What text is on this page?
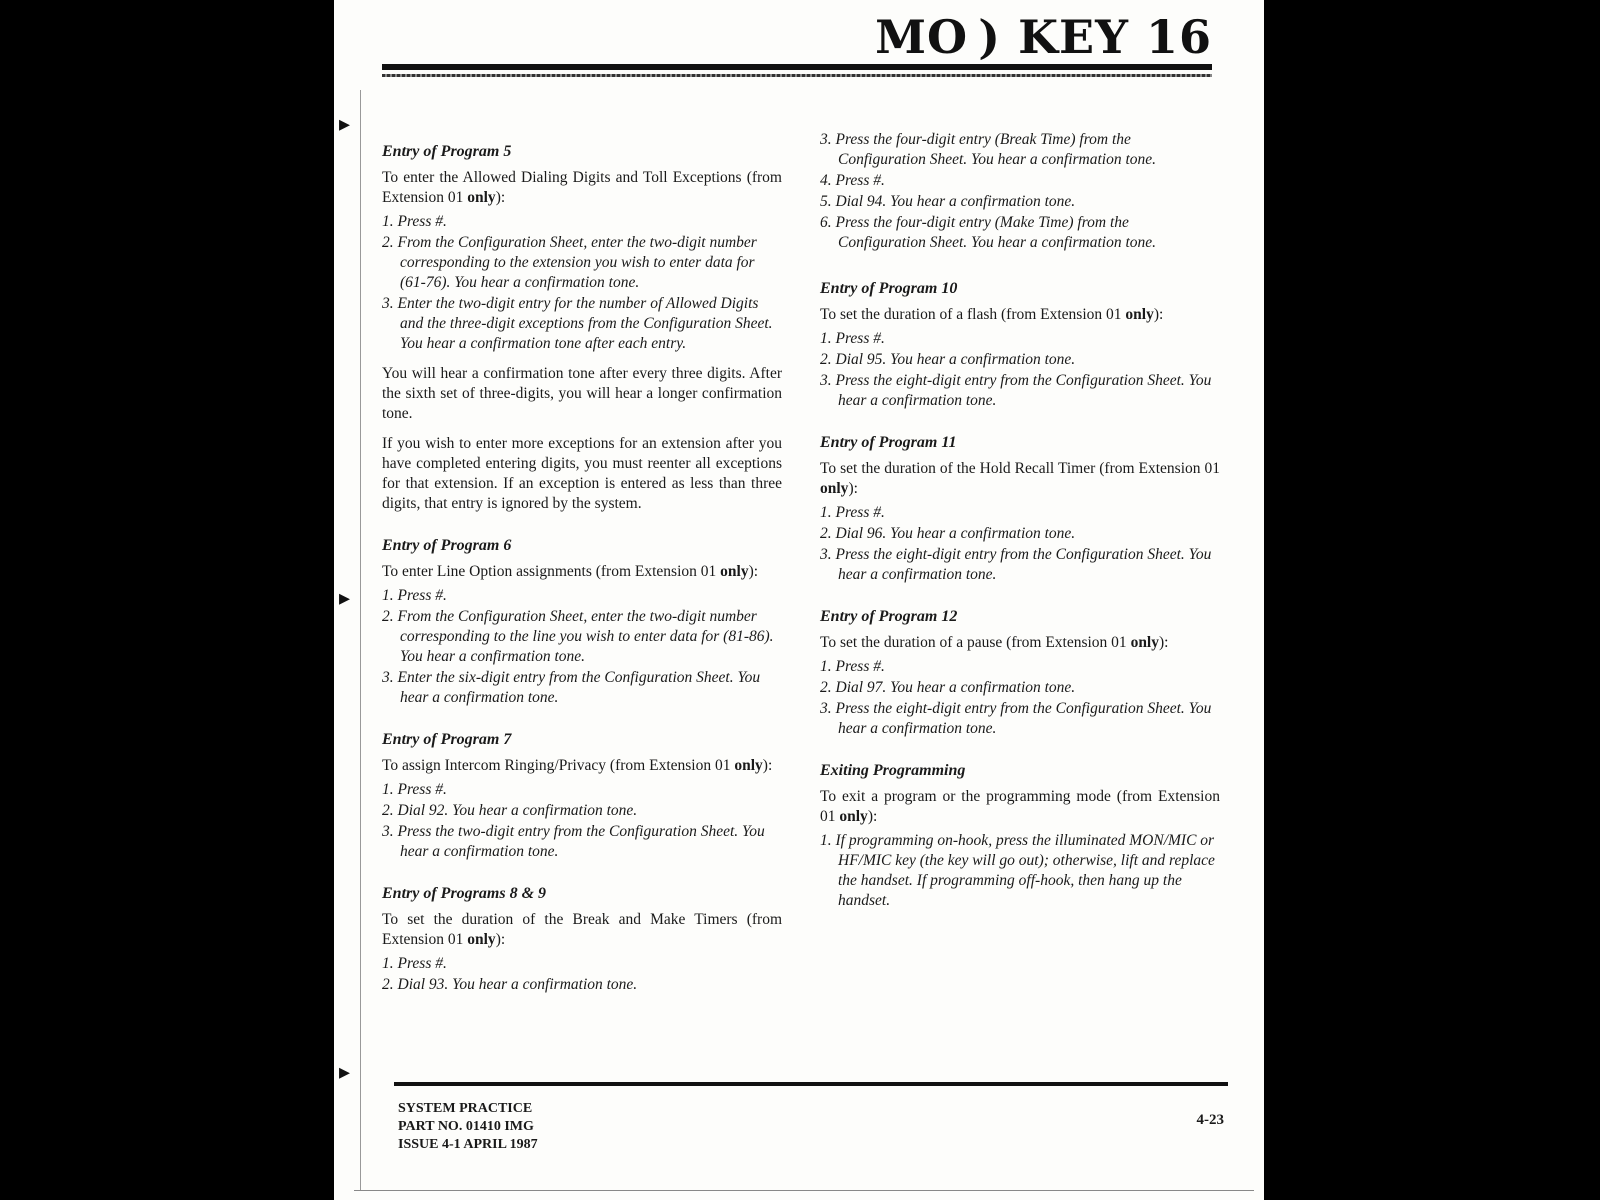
MO ) KEY 16
▸
▸
▸
Entry of Program 5
To enter the Allowed Dialing Digits and Toll Exceptions (from Extension 01 only):
1. Press #.
2. From the Configuration Sheet, enter the two-digit number corresponding to the extension you wish to enter data for (61-76). You hear a confirmation tone.
3. Enter the two-digit entry for the number of Allowed Digits and the three-digit exceptions from the Configuration Sheet. You hear a confirmation tone after each entry.

You will hear a confirmation tone after every three digits. After the sixth set of three-digits, you will hear a longer confirmation tone.

If you wish to enter more exceptions for an extension after you have completed entering digits, you must reenter all exceptions for that extension. If an exception is entered as less than three digits, that entry is ignored by the system.

Entry of Program 6
To enter Line Option assignments (from Extension 01 only):
1. Press #.
2. From the Configuration Sheet, enter the two-digit number corresponding to the line you wish to enter data for (81-86). You hear a confirmation tone.
3. Enter the six-digit entry from the Configuration Sheet. You hear a confirmation tone.
Entry of Program 7
To assign Intercom Ringing/Privacy (from Extension 01 only):
1. Press #.
2. Dial 92. You hear a confirmation tone.
3. Press the two-digit entry from the Configuration Sheet. You hear a confirmation tone.
Entry of Programs 8 & 9
To set the duration of the Break and Make Timers (from Extension 01 only):
1. Press #.
2. Dial 93. You hear a confirmation tone.
3. Press the four-digit entry (Break Time) from the Configuration Sheet. You hear a confirmation tone.
4. Press #.
5. Dial 94. You hear a confirmation tone.
6. Press the four-digit entry (Make Time) from the Configuration Sheet. You hear a confirmation tone.
Entry of Program 10
To set the duration of a flash (from Extension 01 only):
1. Press #.
2. Dial 95. You hear a confirmation tone.
3. Press the eight-digit entry from the Configuration Sheet. You hear a confirmation tone.
Entry of Program 11
To set the duration of the Hold Recall Timer (from Extension 01 only):
1. Press #.
2. Dial 96. You hear a confirmation tone.
3. Press the eight-digit entry from the Configuration Sheet. You hear a confirmation tone.
Entry of Program 12
To set the duration of a pause (from Extension 01 only):
1. Press #.
2. Dial 97. You hear a confirmation tone.
3. Press the eight-digit entry from the Configuration Sheet. You hear a confirmation tone.
Exiting Programming
To exit a program or the programming mode (from Extension 01 only):
1. If programming on-hook, press the illuminated MON/MIC or HF/MIC key (the key will go out); otherwise, lift and replace the handset. If programming off-hook, then hang up the handset.
SYSTEM PRACTICE
PART NO. 01410 IMG
ISSUE 4-1 APRIL 1987
4-23
